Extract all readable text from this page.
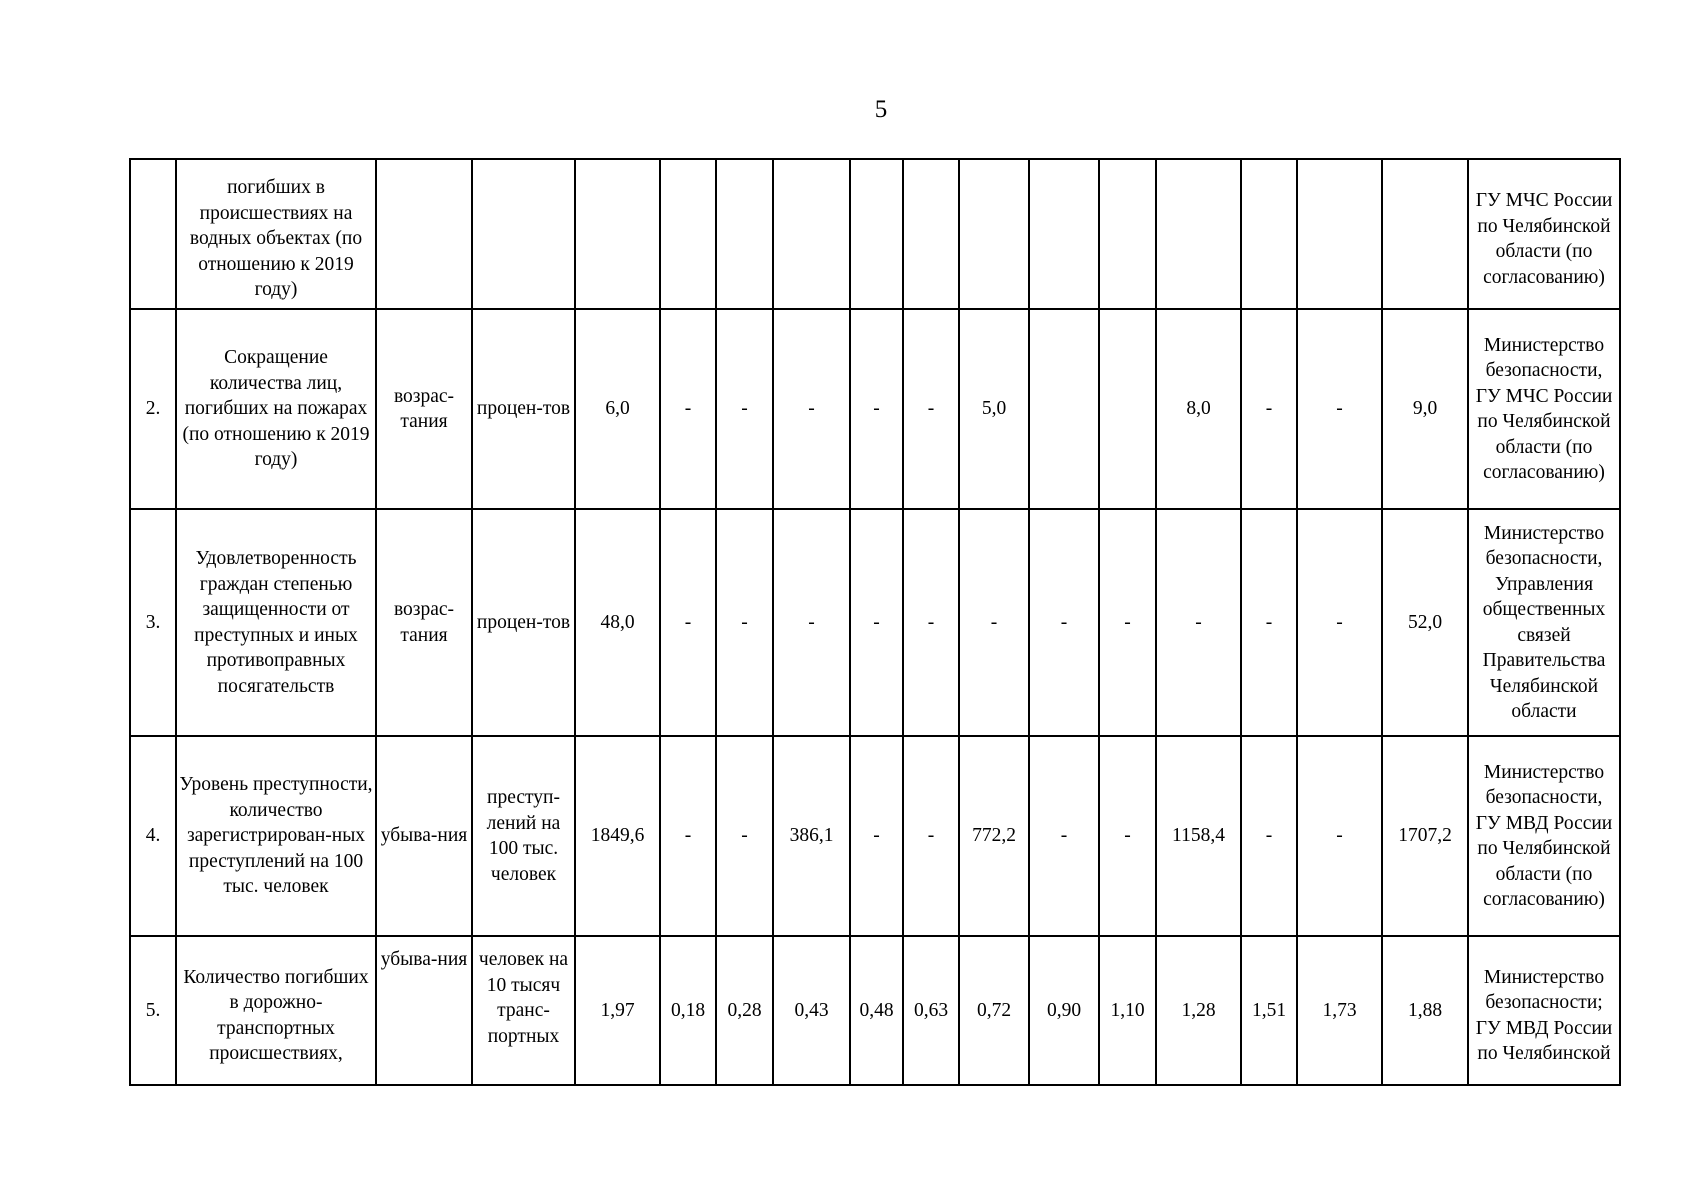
5
	погибших в происшествиях на водных объектах (по отношению к 2019 году)																ГУ МЧС России по Челябинской области (по согласованию)
2.	Сокращение количества лиц, погибших на пожарах (по отношению к 2019 году)	возрас-тания	процен-тов	6,0	-	-	-	-	-	5,0			8,0	-	-	9,0	Министерство безопасности, ГУ МЧС России по Челябинской области (по согласованию)
3.	Удовлетворенность граждан степенью защищенности от преступных и иных противоправных посягательств	возрас-тания	процен-тов	48,0	-	-	-	-	-	-	-	-	-	-	-	52,0	Министерство безопасности, Управления общественных связей Правительства Челябинской области
4.	Уровень преступности, количество зарегистрирован-ных преступлений на 100 тыс. человек	убыва-ния	преступ-лений на 100 тыс. человек	1849,6	-	-	386,1	-	-	772,2	-	-	1158,4	-	-	1707,2	Министерство безопасности, ГУ МВД России по Челябинской области (по согласованию)
5.	Количество погибших в дорожно-транспортных происшествиях,	убыва-ния	человек на 10 тысяч транс-портных	1,97	0,18	0,28	0,43	0,48	0,63	0,72	0,90	1,10	1,28	1,51	1,73	1,88	Министерство безопасности; ГУ МВД России по Челябинской
